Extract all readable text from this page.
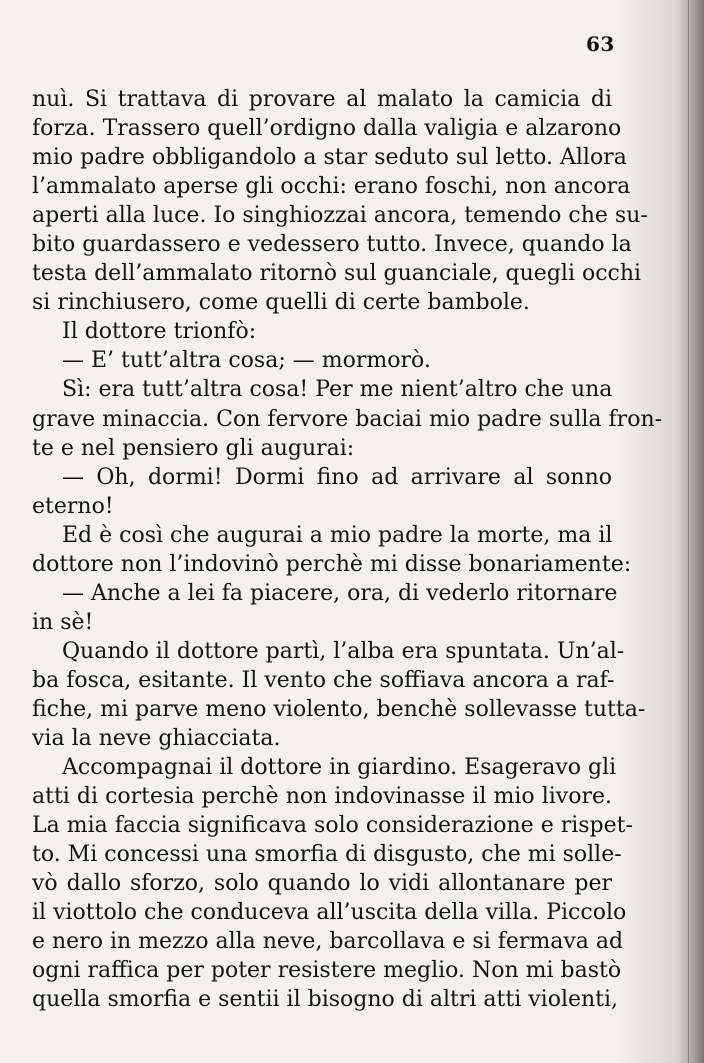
63
nuì. Si trattava di provare al malato la camicia di
forza. Trassero quell’ordigno dalla valigia e alzarono
mio padre obbligandolo a star seduto sul letto. Allora
l’ammalato aperse gli occhi: erano foschi, non ancora
aperti alla luce. Io singhiozzai ancora, temendo che su-
bito guardassero e vedessero tutto. Invece, quando la
testa dell’ammalato ritornò sul guanciale, quegli occhi
si rinchiusero, come quelli di certe bambole.
Il dottore trionfò:
— E’ tutt’altra cosa; — mormorò.
Sì: era tutt’altra cosa! Per me nient’altro che una
grave minaccia. Con fervore baciai mio padre sulla fron-
te e nel pensiero gli augurai:
— Oh, dormi! Dormi fino ad arrivare al sonno
eterno!
Ed è così che augurai a mio padre la morte, ma il
dottore non l’indovinò perchè mi disse bonariamente:
— Anche a lei fa piacere, ora, di vederlo ritornare
in sè!
Quando il dottore partì, l’alba era spuntata. Un’al-
ba fosca, esitante. Il vento che soffiava ancora a raf-
fiche, mi parve meno violento, benchè sollevasse tutta-
via la neve ghiacciata.
Accompagnai il dottore in giardino. Esageravo gli
atti di cortesia perchè non indovinasse il mio livore.
La mia faccia significava solo considerazione e rispet-
to. Mi concessi una smorfia di disgusto, che mi solle-
vò dallo sforzo, solo quando lo vidi allontanare per
il viottolo che conduceva all’uscita della villa. Piccolo
e nero in mezzo alla neve, barcollava e si fermava ad
ogni raffica per poter resistere meglio. Non mi bastò
quella smorfia e sentii il bisogno di altri atti violenti,
